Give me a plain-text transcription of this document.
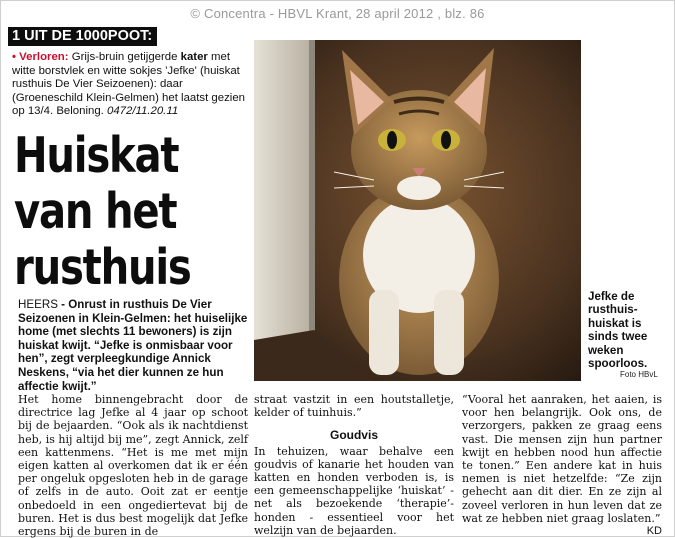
© Concentra - HBVL Krant, 28 april 2012 , blz. 86
1 UIT DE 1000POOT:
• Verloren: Grijs-bruin getijgerde kater met witte borstvlek en witte sokjes 'Jefke' (huiskat rusthuis De Vier Seizoenen): daar (Groeneschild Klein-Gelmen) het laatst gezien op 13/4. Beloning. 0472/11.20.11
Huiskat
van het
rusthuis
HEERS - Onrust in rusthuis De Vier Seizoenen in Klein-Gelmen: het huiselijke home (met slechts 11 bewoners) is zijn huiskat kwijt. “Jefke is onmisbaar voor hen”, zegt verpleegkundige Annick Neskens, “via het dier kunnen ze hun affectie kwijt.”
Jefke de rusthuis-huiskat is sinds twee weken spoorloos.
Foto HBvL
Het home binnengebracht door de directrice lag Jefke al 4 jaar op schoot bij de bejaarden. “Ook als ik nachtdienst heb, is hij altijd bij me”, zegt Annick, zelf een kattenmens. “Het is me met mijn eigen katten al overkomen dat ik er één per ongeluk opgesloten heb in de garage of zelfs in de auto. Ooit zat er eentje onbedoeld in een ongediertevat bij de buren. Het is dus best mogelijk dat Jefke ergens bij de buren in de
straat vastzit in een houtstalletje, kelder of tuinhuis.”
Goudvis
In tehuizen, waar behalve een goudvis of kanarie het houden van katten en honden verboden is, is een gemeenschappelijke ‘huiskat’ - net als bezoekende ‘therapie’-honden - essentieel voor het welzijn van de bejaarden.
“Vooral het aanraken, het aaien, is voor hen belangrijk. Ook ons, de verzorgers, pakken ze graag eens vast. Die mensen zijn hun partner kwijt en hebben nood hun affectie te tonen.” Een andere kat in huis nemen is niet hetzelfde: “Ze zijn gehecht aan dit dier. En ze zijn al zoveel verloren in hun leven dat ze wat ze hebben niet graag loslaten.”
KD
